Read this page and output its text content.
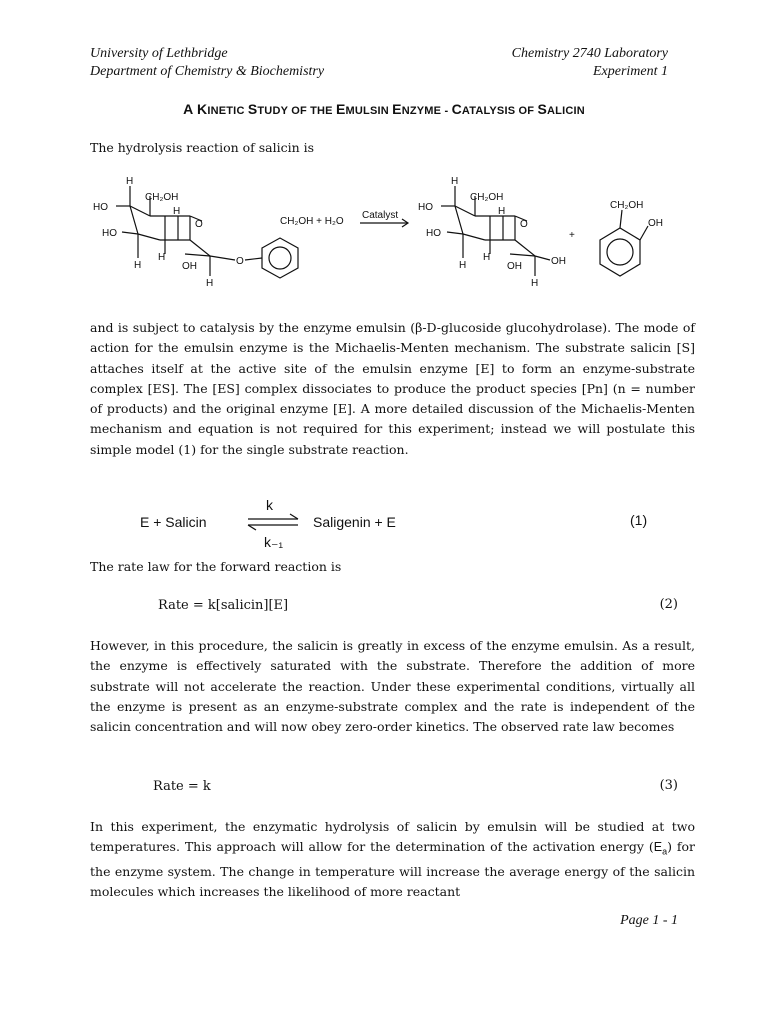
University of Lethbridge
Department of Chemistry & Biochemistry
Chemistry 2740 Laboratory
Experiment 1
A KINETIC STUDY OF THE EMULSIN ENZYME - CATALYSIS OF SALICIN
The hydrolysis reaction of salicin is
H
HO
CH₂OH
H
O
HO
H
H
OH
H
O
CH₂OH + H₂O
Catalyst
H
HO
CH₂OH
H
O
HO
H
H
OH
H
OH
+
CH₂OH
OH
and is subject to catalysis by the enzyme emulsin (β-D-glucoside glucohydrolase). The mode of action for the emulsin enzyme is the Michaelis-Menten mechanism. The substrate salicin [S] attaches itself at the active site of the emulsin enzyme [E] to form an enzyme-substrate complex [ES]. The [ES] complex dissociates to produce the product species [Pn] (n = number of products) and the original enzyme [E]. A more detailed discussion of the Michaelis-Menten mechanism and equation is not required for this experiment; instead we will postulate this simple model (1) for the single substrate reaction.
E + Salicin
k
k₋₁
Saligenin + E	(1)
The rate law for the forward reaction is
Rate = k[salicin][E]	(2)
However, in this procedure, the salicin is greatly in excess of the enzyme emulsin. As a result, the enzyme is effectively saturated with the substrate. Therefore the addition of more substrate will not accelerate the reaction. Under these experimental conditions, virtually all the enzyme is present as an enzyme-substrate complex and the rate is independent of the salicin concentration and will now obey zero-order kinetics. The observed rate law becomes
Rate = k	(3)
In this experiment, the enzymatic hydrolysis of salicin by emulsin will be studied at two temperatures. This approach will allow for the determination of the activation energy $(E_a)$ for the enzyme system. The change in temperature will increase the average energy of the salicin molecules which increases the likelihood of more reactant
Page 1 - 1
